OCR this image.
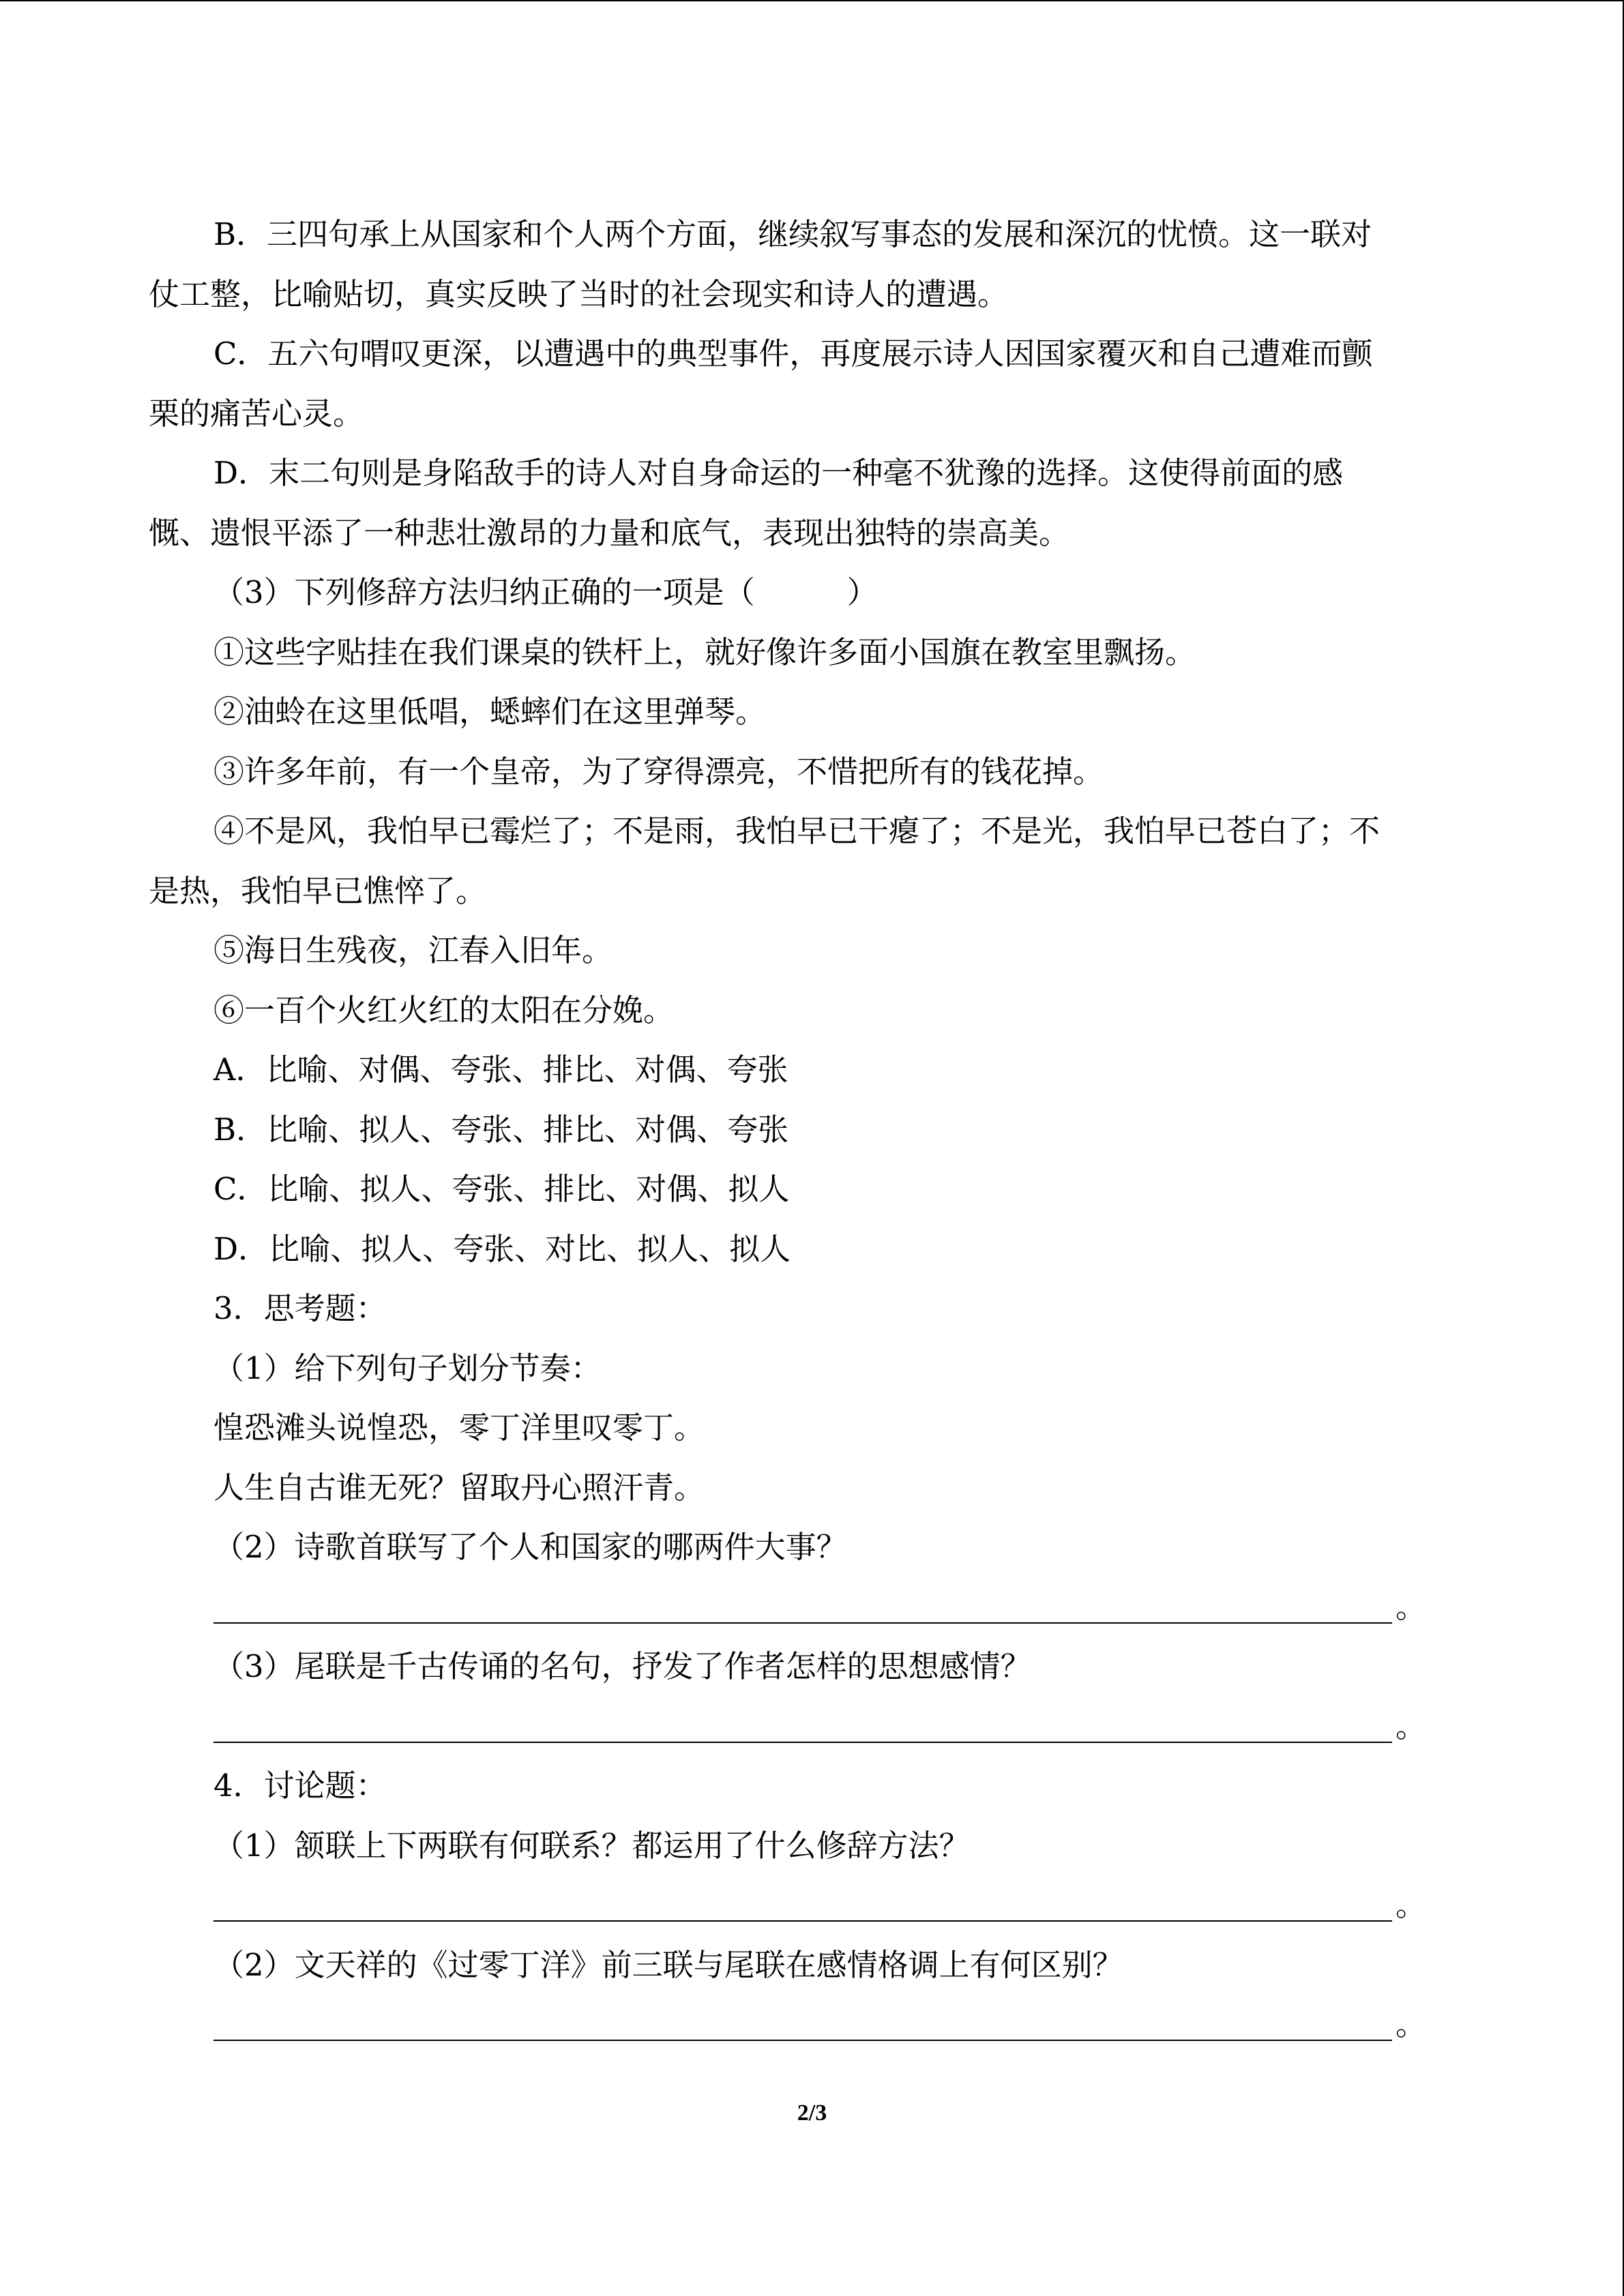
B．三四句承上从国家和个人两个方面，继续叙写事态的发展和深沉的忧愤。这一联对

仗工整，比喻贴切，真实反映了当时的社会现实和诗人的遭遇。

C．五六句喟叹更深，以遭遇中的典型事件，再度展示诗人因国家覆灭和自己遭难而颤

栗的痛苦心灵。

D．末二句则是身陷敌手的诗人对自身命运的一种毫不犹豫的选择。这使得前面的感

慨、遗恨平添了一种悲壮激昂的力量和底气，表现出独特的崇高美。

（3）下列修辞方法归纳正确的一项是（　　　）

①这些字贴挂在我们课桌的铁杆上，就好像许多面小国旗在教室里飘扬。

②油蛉在这里低唱，蟋蟀们在这里弹琴。

③许多年前，有一个皇帝，为了穿得漂亮，不惜把所有的钱花掉。

④不是风，我怕早已霉烂了；不是雨，我怕早已干瘪了；不是光，我怕早已苍白了；不

是热，我怕早已憔悴了。

⑤海日生残夜，江春入旧年。

⑥一百个火红火红的太阳在分娩。

A．比喻、对偶、夸张、排比、对偶、夸张

B．比喻、拟人、夸张、排比、对偶、夸张

C．比喻、拟人、夸张、排比、对偶、拟人

D．比喻、拟人、夸张、对比、拟人、拟人

3．思考题：

（1）给下列句子划分节奏：

惶恐滩头说惶恐，零丁洋里叹零丁。

人生自古谁无死？留取丹心照汗青。

（2）诗歌首联写了个人和国家的哪两件大事？

。

（3）尾联是千古传诵的名句，抒发了作者怎样的思想感情？

。

4．讨论题：

（1）颔联上下两联有何联系？都运用了什么修辞方法？

。

（2）文天祥的《过零丁洋》前三联与尾联在感情格调上有何区别？

。
2/3
